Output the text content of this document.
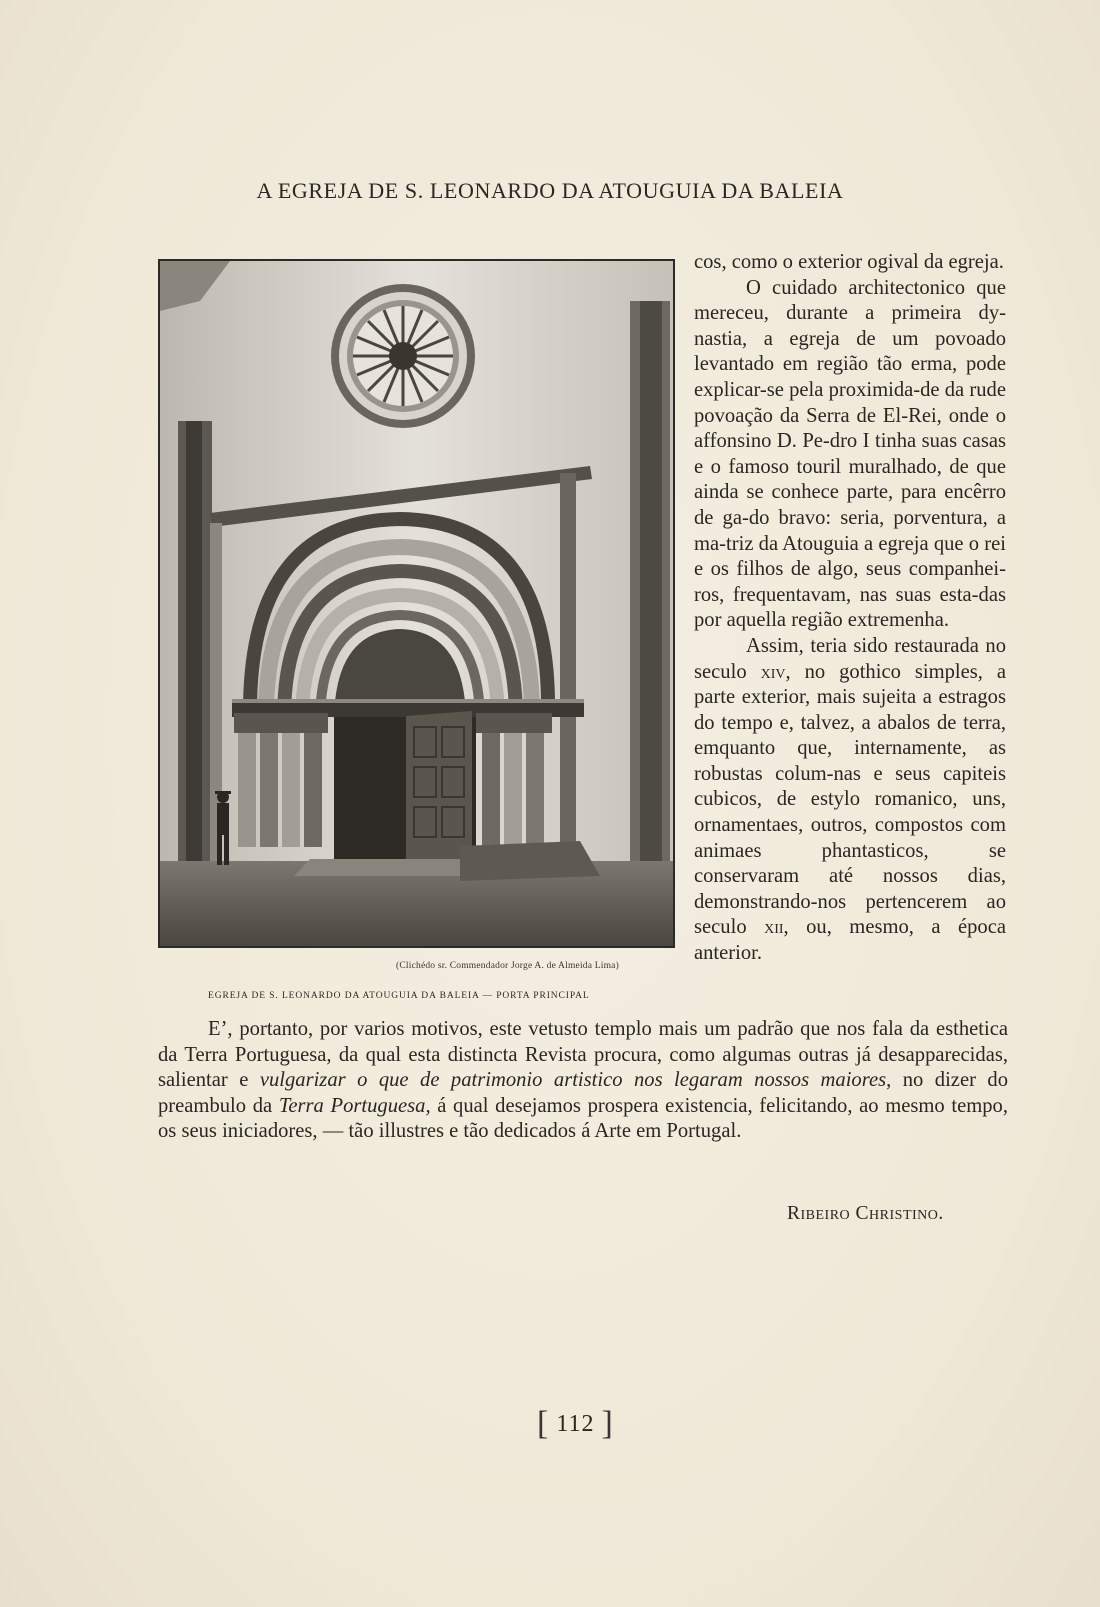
A EGREJA DE S. LEONARDO DA ATOUGUIA DA BALEIA
(Clichédo sr. Commendador Jorge A. de Almeida Lima)
EGREJA DE S. LEONARDO DA ATOUGUIA DA BALEIA — PORTA PRINCIPAL

cos, como o exterior ogival da egreja.

O cuidado architectonico que mereceu, durante a primeira dy-nastia, a egreja de um povoado levantado em região tão erma, pode explicar-se pela proximida-de da rude povoação da Serra de El-Rei, onde o affonsino D. Pe-dro I tinha suas casas e o famoso touril muralhado, de que ainda se conhece parte, para encêrro de ga-do bravo: seria, porventura, a ma-triz da Atouguia a egreja que o rei e os filhos de algo, seus companhei-ros, frequentavam, nas suas esta-das por aquella região extremenha.

Assim, teria sido restaurada no seculo xiv, no gothico simples, a parte exterior, mais sujeita a estragos do tempo e, talvez, a abalos de terra, emquanto que, internamente, as robustas colum-nas e seus capiteis cubicos, de estylo romanico, uns, ornamentaes, outros, compostos com animaes phantasticos, se conservaram até nossos dias, demonstrando-nos pertencerem ao seculo xii, ou, mesmo, a época anterior.

E’, portanto, por varios motivos, este vetusto templo mais um padrão que nos fala da esthetica da Terra Portuguesa, da qual esta distincta Revista procura, como algumas outras já desapparecidas, salientar e vulgarizar o que de patrimonio artistico nos legaram nossos maiores, no dizer do preambulo da Terra Portuguesa, á qual desejamos prospera existencia, felicitando, ao mesmo tempo, os seus iniciadores, — tão illustres e tão dedicados á Arte em Portugal.

Ribeiro Christino.
[ 112 ]
